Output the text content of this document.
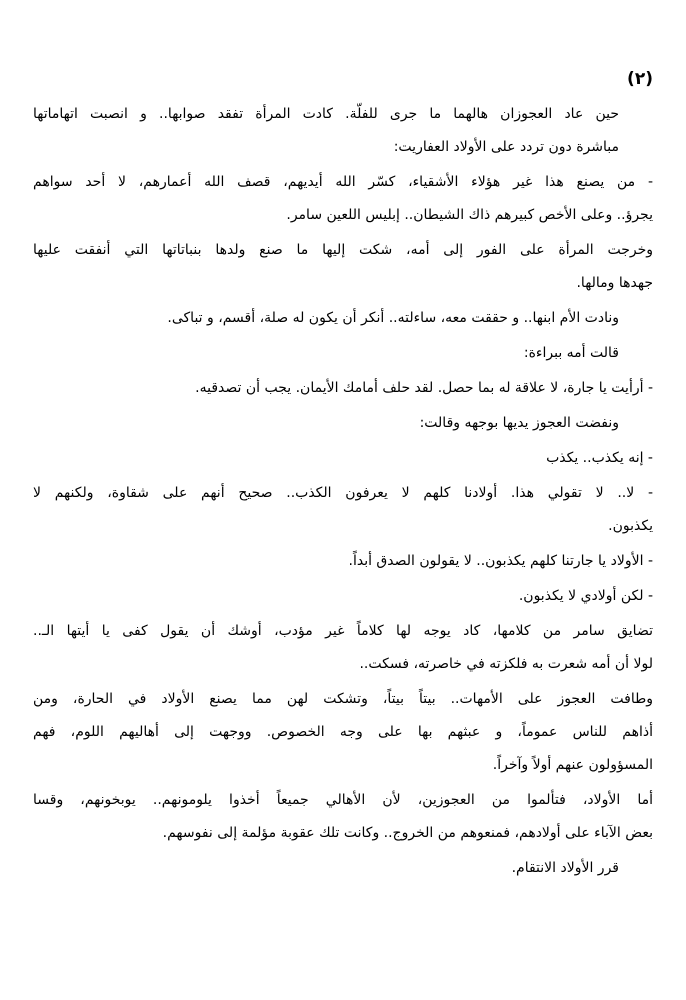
(٢)
حين عاد العجوزان هالهما ما جرى للفلّة. كادت المرأة تفقد صوابها.. و انصبت اتهاماتها
مباشرة دون تردد على الأولاد العفاريت:
- من يصنع هذا غير هؤلاء الأشقياء، كسّر الله أيديهم، قصف الله أعمارهم، لا أحد سواهم
يجرؤ.. وعلى الأخص كبيرهم ذاك الشيطان.. إبليس اللعين سامر.
وخرجت المرأة على الفور إلى أمه، شكت إليها ما صنع ولدها بنباتاتها التي أنفقت عليها
جهدها ومالها.
ونادت الأم ابنها.. و حققت معه، ساءلته.. أنكر أن يكون له صلة، أقسم، و تباكى.
قالت أمه ببراءة:
- أرأيت يا جارة، لا علاقة له بما حصل. لقد حلف أمامك الأيمان. يجب أن تصدقيه.
ونفضت العجوز يديها بوجهه وقالت:
- إنه يكذب.. يكذب
- لا.. لا تقولي هذا. أولادنا كلهم لا يعرفون الكذب.. صحيح أنهم على شقاوة، ولكنهم لا
يكذبون.
- الأولاد يا جارتنا كلهم يكذبون.. لا يقولون الصدق أبداً.
- لكن أولادي لا يكذبون.
تضايق سامر من كلامها، كاد يوجه لها كلاماً غير مؤدب، أوشك أن يقول كفى يا أيتها الـ..
لولا أن أمه شعرت به فلكزته في خاصرته، فسكت..
وطافت العجوز على الأمهات.. بيتاً بيتاً، وتشكت لهن مما يصنع الأولاد في الحارة، ومن
أذاهم للناس عموماً، و عبثهم بها على وجه الخصوص. ووجهت إلى أهاليهم اللوم، فهم
المسؤولون عنهم أولاً وآخراً.
أما الأولاد، فتألموا من العجوزين، لأن الأهالي جميعاً أخذوا يلومونهم.. يوبخونهم، وقسا
بعض الآباء على أولادهم، فمنعوهم من الخروج.. وكانت تلك عقوبة مؤلمة إلى نفوسهم.
قرر الأولاد الانتقام.
